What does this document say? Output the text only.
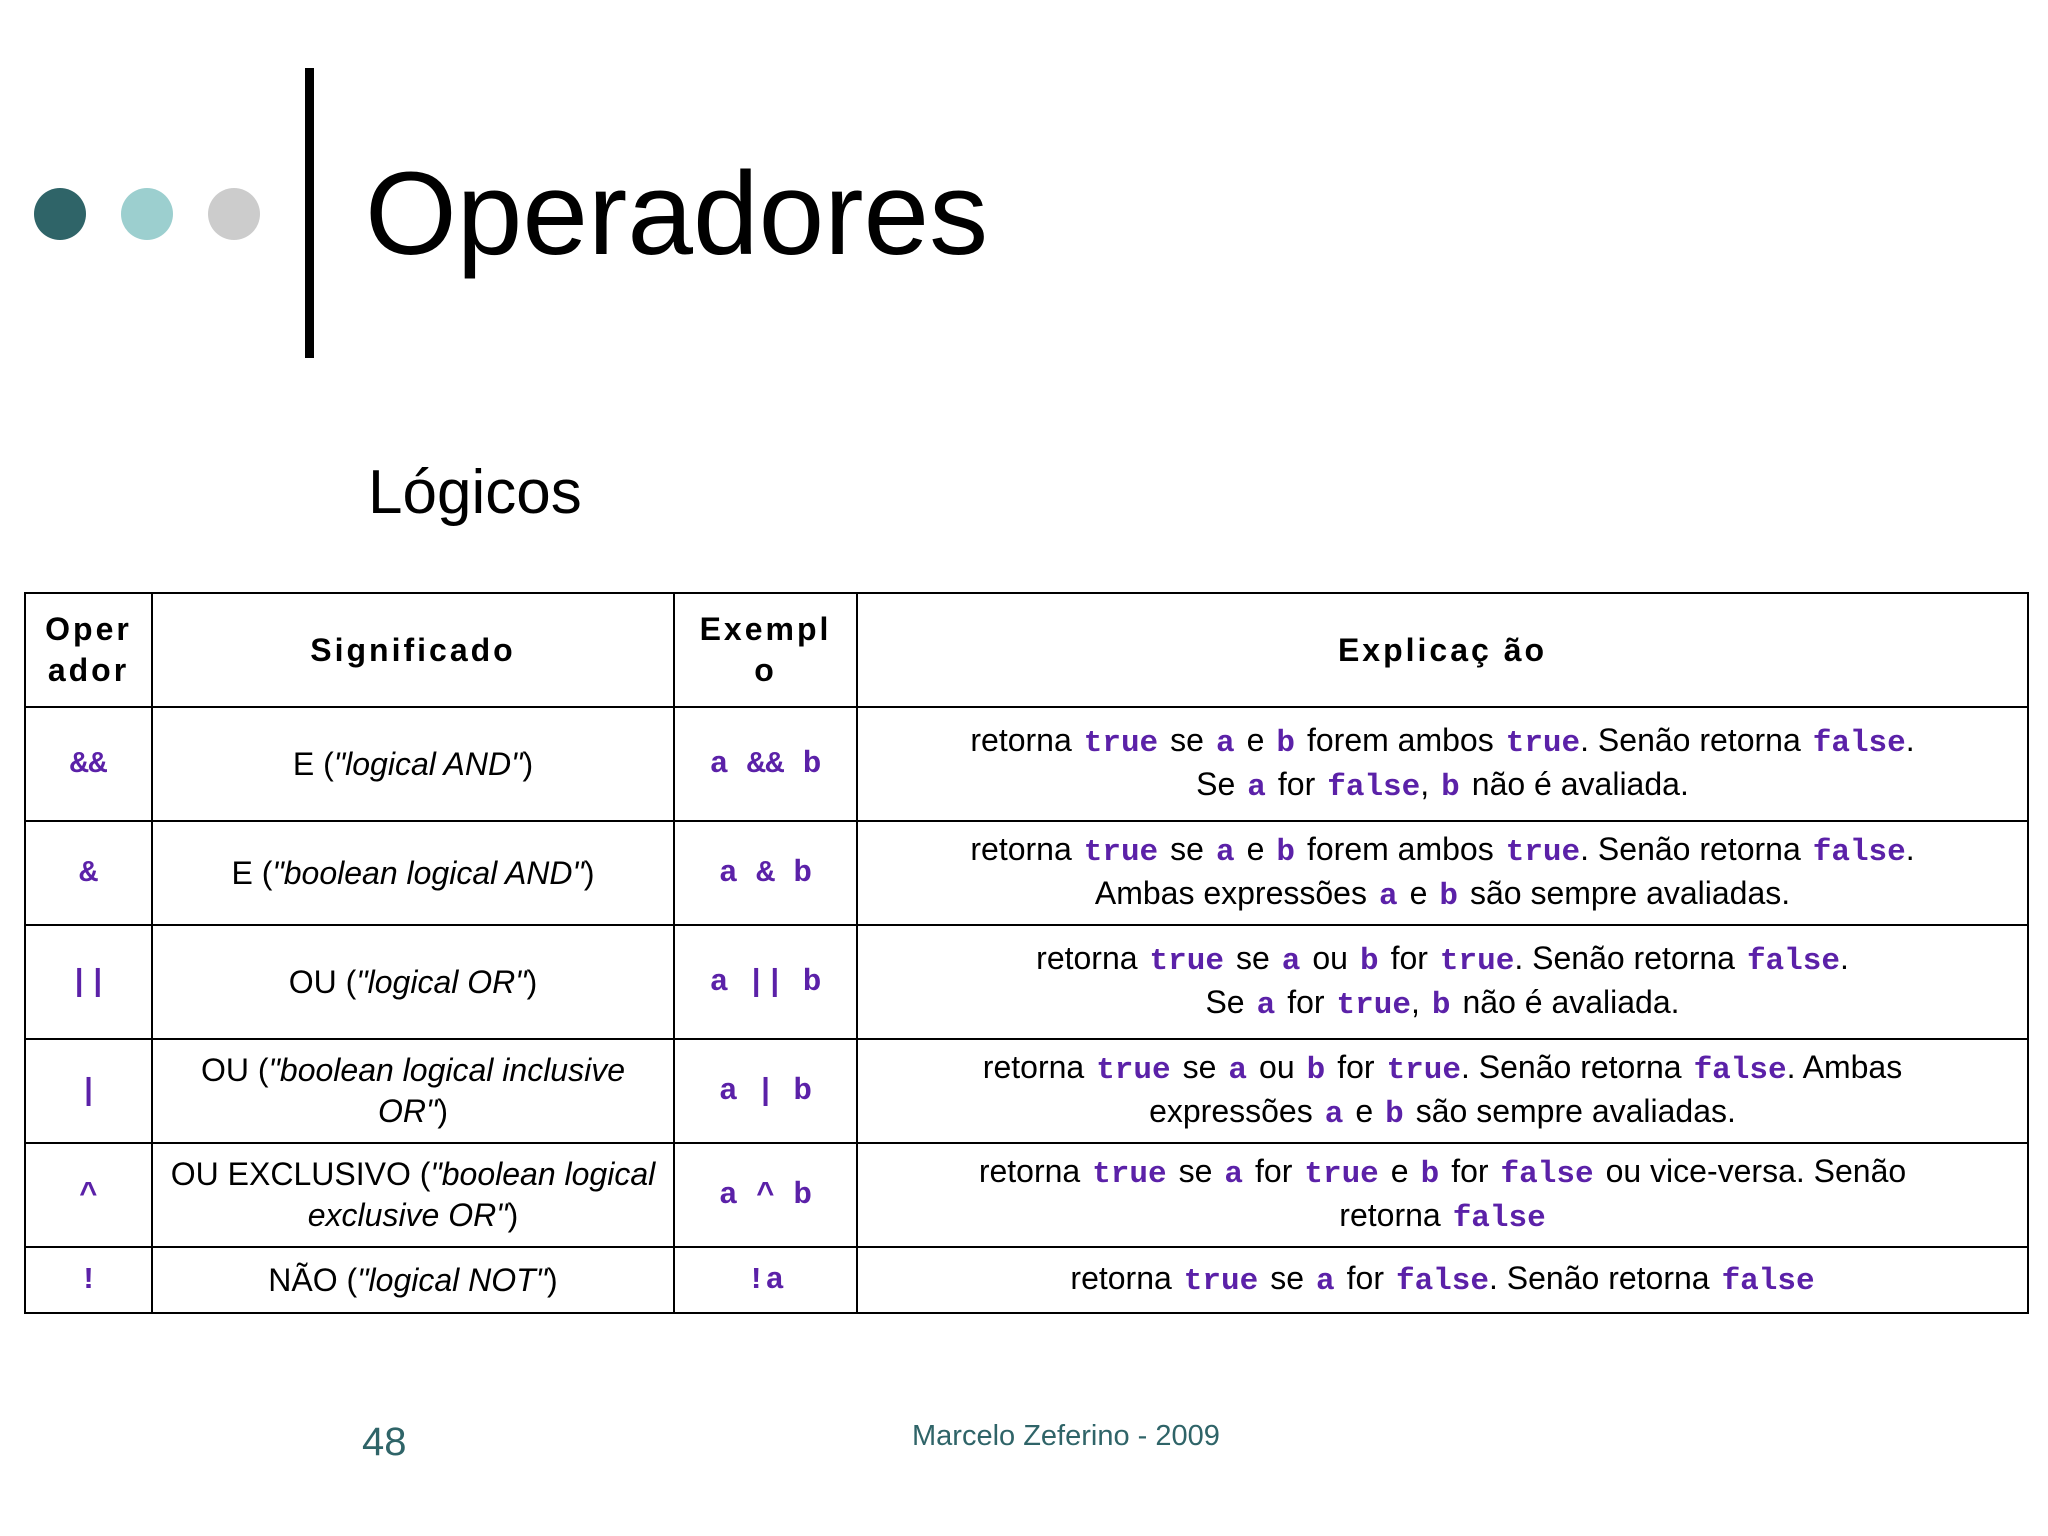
Operadores
Lógicos
Oper ador	Significado	Exempl o	Explicaç ão
&&	E ("logical AND")	a && b	retorna true se a e b forem ambos true. Senão retorna false.
Se a for false, b não é avaliada.

&	E ("boolean logical AND")	a & b	retorna true se a e b forem ambos true. Senão retorna false.
Ambas expressões a e b são sempre avaliadas.

||	OU ("logical OR")	a || b	retorna true se a ou b for true. Senão retorna false.
Se a for true, b não é avaliada.

|	OU ("boolean logical inclusive OR")	a | b	retorna true se a ou b for true. Senão retorna false. Ambas
expressões a e b são sempre avaliadas.

^	OU EXCLUSIVO ("boolean logical exclusive OR")	a ^ b	retorna true se a for true e b for false ou vice-versa. Senão
retorna false

!	NÃO ("logical NOT")	!a	retorna true se a for false. Senão retorna false
48	Marcelo Zeferino - 2009
